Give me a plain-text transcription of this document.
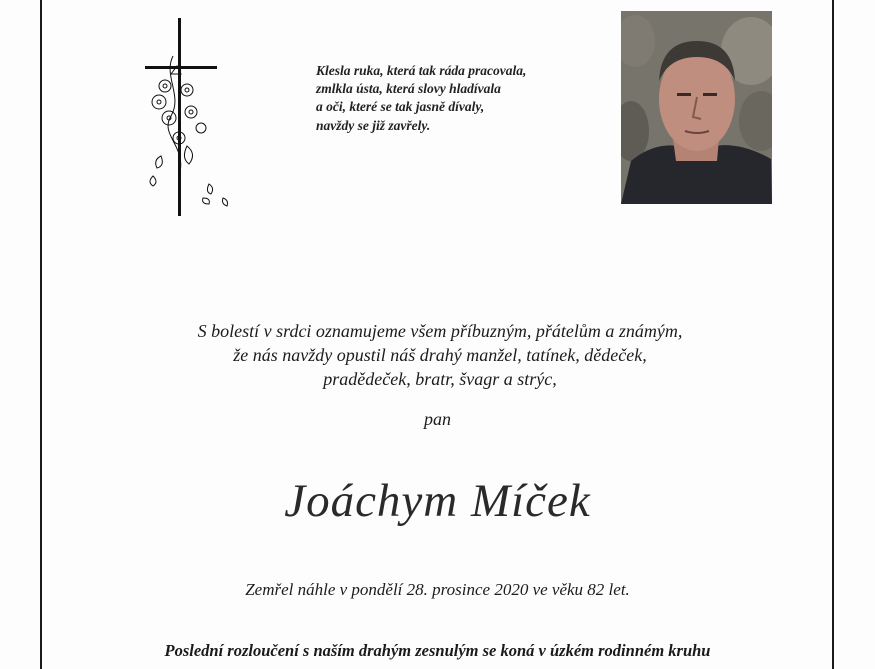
Klesla ruka, která tak ráda pracovala,
zmlkla ústa, která slovy hladívala
a oči, které se tak jasně dívaly,
navždy se již zavřely.
S bolestí v srdci oznamujeme všem příbuzným, přátelům a známým,
že nás navždy opustil náš drahý manžel, tatínek, dědeček,
pradědeček, bratr, švagr a strýc,
pan
Joáchym Míček
Zemřel náhle v pondělí 28. prosince 2020 ve věku 82 let.
Poslední rozloučení s naším drahým zesnulým se koná v úzkém rodinném kruhu
